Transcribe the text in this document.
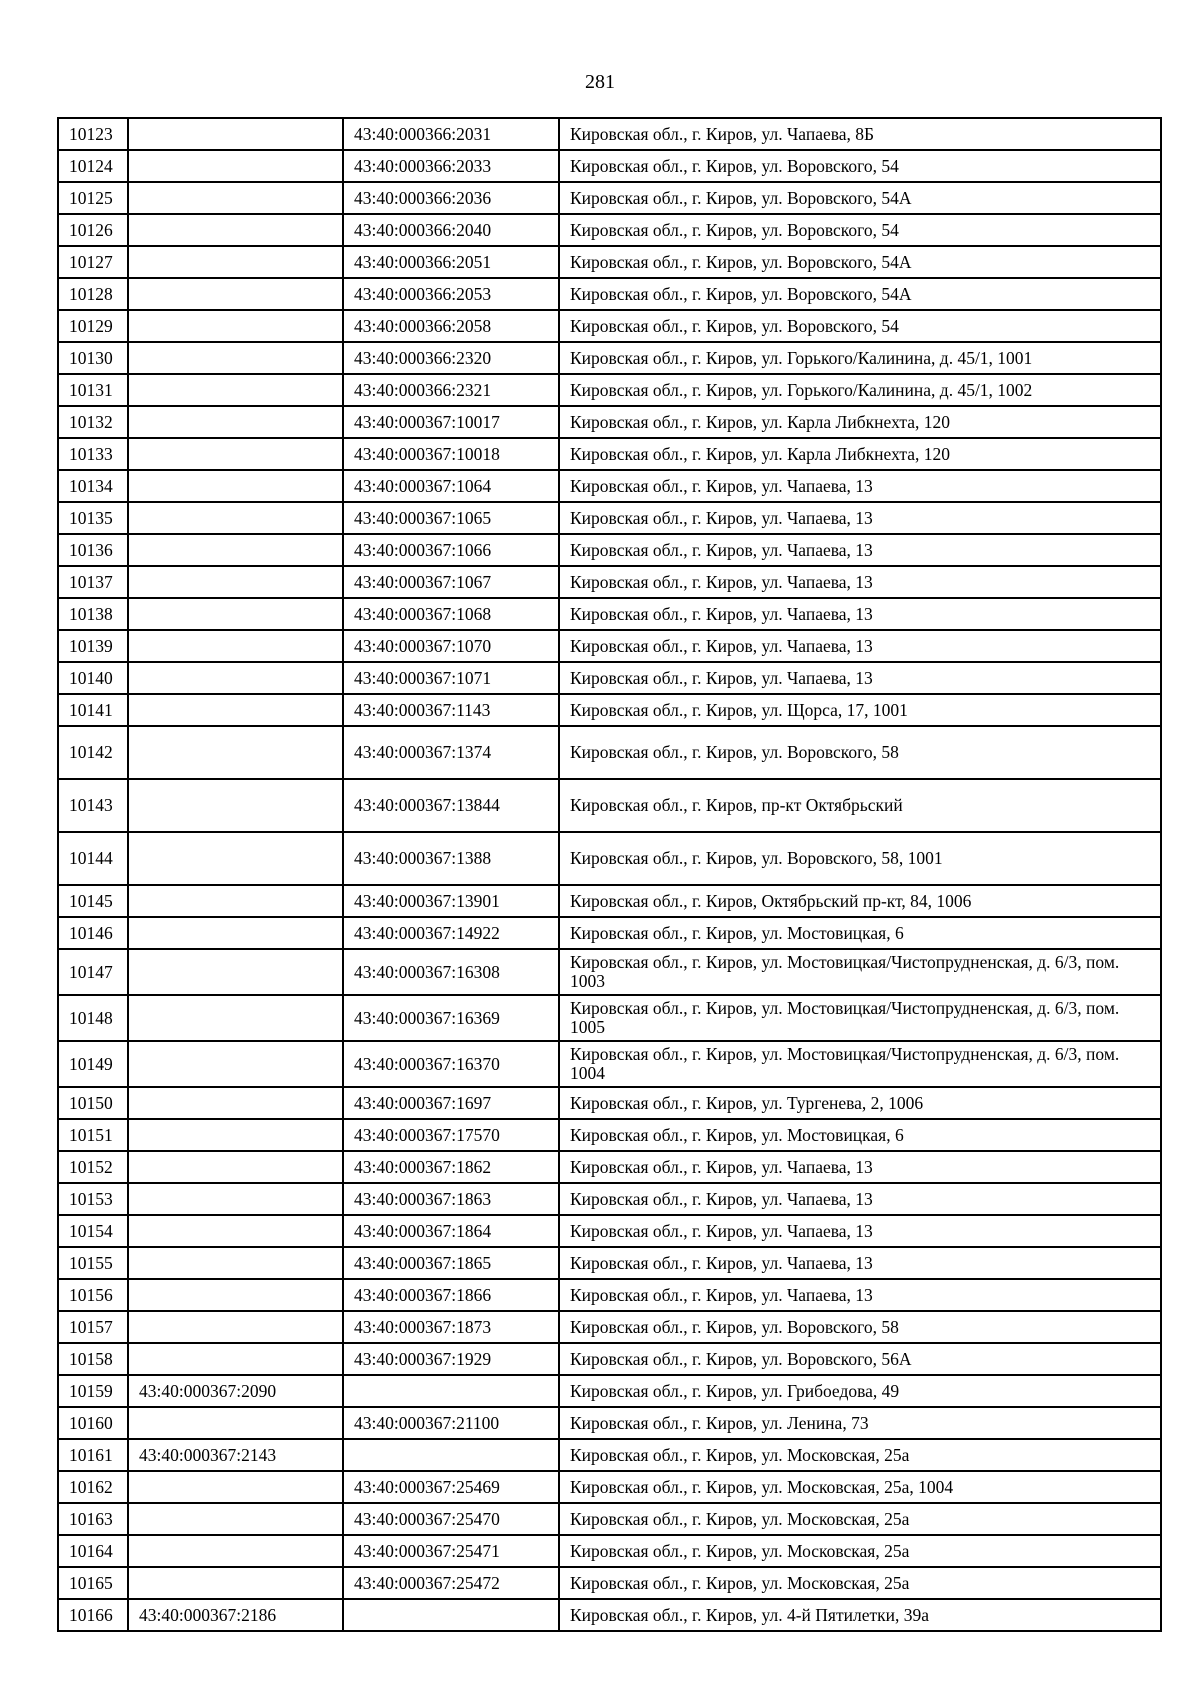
281
10123		43:40:000366:2031	Кировская обл., г. Киров, ул. Чапаева, 8Б
10124		43:40:000366:2033	Кировская обл., г. Киров, ул. Воровского, 54
10125		43:40:000366:2036	Кировская обл., г. Киров, ул. Воровского, 54А
10126		43:40:000366:2040	Кировская обл., г. Киров, ул. Воровского, 54
10127		43:40:000366:2051	Кировская обл., г. Киров, ул. Воровского, 54А
10128		43:40:000366:2053	Кировская обл., г. Киров, ул. Воровского, 54А
10129		43:40:000366:2058	Кировская обл., г. Киров, ул. Воровского, 54
10130		43:40:000366:2320	Кировская обл., г. Киров, ул. Горького/Калинина, д. 45/1, 1001
10131		43:40:000366:2321	Кировская обл., г. Киров, ул. Горького/Калинина, д. 45/1, 1002
10132		43:40:000367:10017	Кировская обл., г. Киров, ул. Карла Либкнехта, 120
10133		43:40:000367:10018	Кировская обл., г. Киров, ул. Карла Либкнехта, 120
10134		43:40:000367:1064	Кировская обл., г. Киров, ул. Чапаева, 13
10135		43:40:000367:1065	Кировская обл., г. Киров, ул. Чапаева, 13
10136		43:40:000367:1066	Кировская обл., г. Киров, ул. Чапаева, 13
10137		43:40:000367:1067	Кировская обл., г. Киров, ул. Чапаева, 13
10138		43:40:000367:1068	Кировская обл., г. Киров, ул. Чапаева, 13
10139		43:40:000367:1070	Кировская обл., г. Киров, ул. Чапаева, 13
10140		43:40:000367:1071	Кировская обл., г. Киров, ул. Чапаева, 13
10141		43:40:000367:1143	Кировская обл., г. Киров, ул. Щорса, 17, 1001
10142		43:40:000367:1374	Кировская обл., г. Киров, ул. Воровского, 58
10143		43:40:000367:13844	Кировская обл., г. Киров, пр-кт Октябрьский
10144		43:40:000367:1388	Кировская обл., г. Киров, ул. Воровского, 58, 1001
10145		43:40:000367:13901	Кировская обл., г. Киров, Октябрьский пр-кт, 84, 1006
10146		43:40:000367:14922	Кировская обл., г. Киров, ул. Мостовицкая, 6
10147		43:40:000367:16308	Кировская обл., г. Киров, ул. Мостовицкая/Чистопрудненская, д. 6/3, пом. 1003
10148		43:40:000367:16369	Кировская обл., г. Киров, ул. Мостовицкая/Чистопрудненская, д. 6/3, пом. 1005
10149		43:40:000367:16370	Кировская обл., г. Киров, ул. Мостовицкая/Чистопрудненская, д. 6/3, пом. 1004
10150		43:40:000367:1697	Кировская обл., г. Киров, ул. Тургенева, 2, 1006
10151		43:40:000367:17570	Кировская обл., г. Киров, ул. Мостовицкая, 6
10152		43:40:000367:1862	Кировская обл., г. Киров, ул. Чапаева, 13
10153		43:40:000367:1863	Кировская обл., г. Киров, ул. Чапаева, 13
10154		43:40:000367:1864	Кировская обл., г. Киров, ул. Чапаева, 13
10155		43:40:000367:1865	Кировская обл., г. Киров, ул. Чапаева, 13
10156		43:40:000367:1866	Кировская обл., г. Киров, ул. Чапаева, 13
10157		43:40:000367:1873	Кировская обл., г. Киров, ул. Воровского, 58
10158		43:40:000367:1929	Кировская обл., г. Киров, ул. Воровского, 56А
10159	43:40:000367:2090		Кировская обл., г. Киров, ул. Грибоедова, 49
10160		43:40:000367:21100	Кировская обл., г. Киров, ул. Ленина, 73
10161	43:40:000367:2143		Кировская обл., г. Киров, ул. Московская, 25а
10162		43:40:000367:25469	Кировская обл., г. Киров, ул. Московская, 25а, 1004
10163		43:40:000367:25470	Кировская обл., г. Киров, ул. Московская, 25а
10164		43:40:000367:25471	Кировская обл., г. Киров, ул. Московская, 25а
10165		43:40:000367:25472	Кировская обл., г. Киров, ул. Московская, 25а
10166	43:40:000367:2186		Кировская обл., г. Киров, ул. 4-й Пятилетки, 39а
